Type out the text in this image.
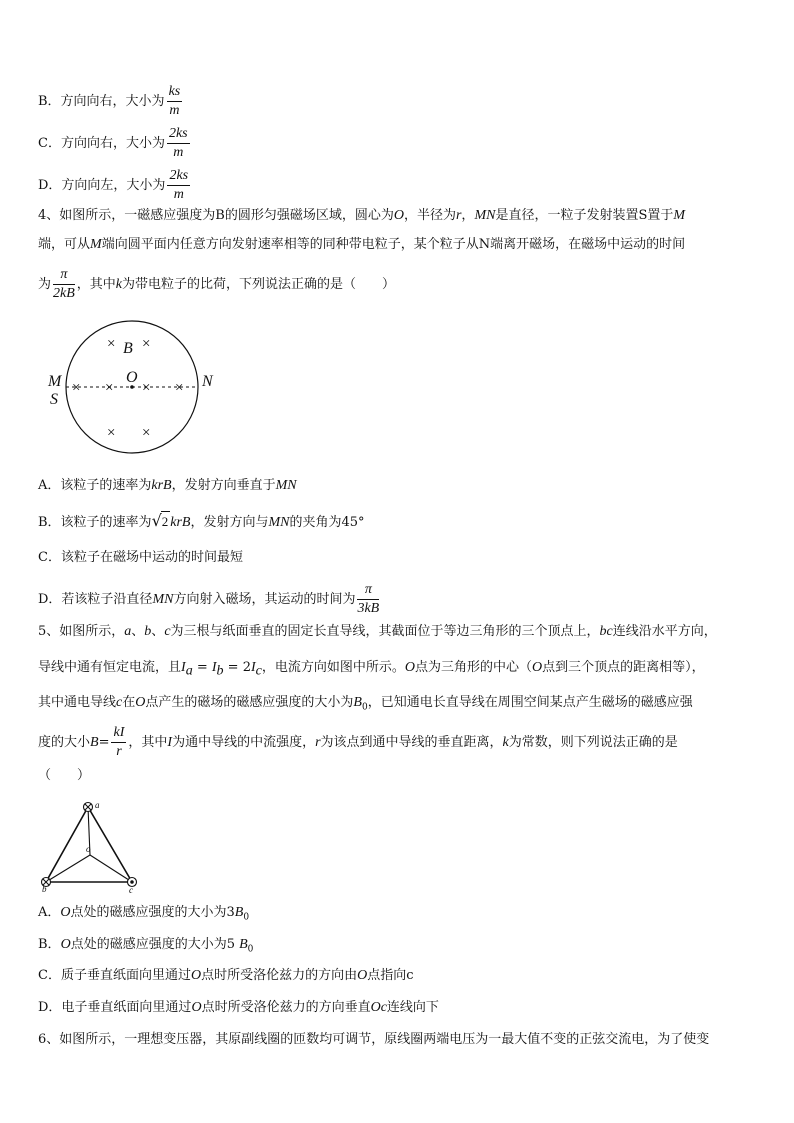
B．方向向右，大小为 $\frac{ks}{m}$
C．方向向右，大小为 $\frac{2ks}{m}$
D．方向向左，大小为 $\frac{2ks}{m}$
4、如图所示，一磁感应强度为B的圆形匀强磁场区域，圆心为O，半径为r，MN是直径，一粒子发射装置S置于M
端，可从M端向圆平面内任意方向发射速率相等的同种带电粒子，某个粒子从N端离开磁场，在磁场中运动的时间
为 $\frac{\pi}{2kB}$ ，其中k为带电粒子的比荷，下列说法正确的是（　　）
× ×
× × × ×
× ×
B
O
M
S
N
A．该粒子的速率为krB，发射方向垂直于MN
B．该粒子的速率为√2 krB，发射方向与MN的夹角为45°
C．该粒子在磁场中运动的时间最短
D．若该粒子沿直径MN方向射入磁场，其运动的时间为 $\frac{\pi}{3kB}$
5、如图所示，a、b、c为三根与纸面垂直的固定长直导线，其截面位于等边三角形的三个顶点上，bc连线沿水平方向，
导线中通有恒定电流，且$I_a = I_b = 2I_c$，电流方向如图中所示。O点为三角形的中心（O点到三个顶点的距离相等），
其中通电导线c在O点产生的磁场的磁感应强度的大小为$B_0$，已知通电长直导线在周围空间某点产生磁场的磁感应强
度的大小$B= \frac{kI}{r}$ ，其中I为通中导线的中流强度，r为该点到通中导线的垂直距离，k为常数，则下列说法正确的是
（　　）
a
b	c
o
A．O点处的磁感应强度的大小为$3B_0$
B．O点处的磁感应强度的大小为5 $B_0$
C．质子垂直纸面向里通过O点时所受洛伦兹力的方向由O点指向c
D．电子垂直纸面向里通过O点时所受洛伦兹力的方向垂直Oc连线向下
6、如图所示，一理想变压器，其原副线圈的匝数均可调节，原线圈两端电压为一最大值不变的正弦交流电，为了使变
